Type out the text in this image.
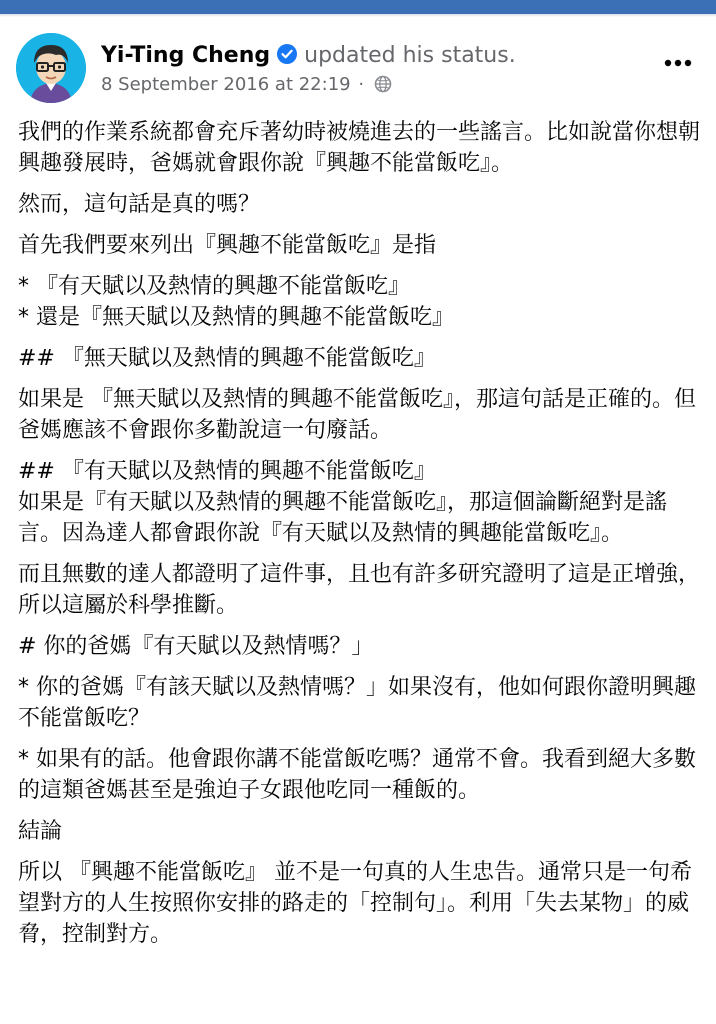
Yi-Ting Cheng updated his status.
8 September 2016 at 22:19 ·

我們的作業系統都會充斥著幼時被燒進去的一些謠言。比如說當你想朝興趣發展時，爸媽就會跟你說『興趣不能當飯吃』。

然而，這句話是真的嗎？

首先我們要來列出『興趣不能當飯吃』是指

* 『有天賦以及熱情的興趣不能當飯吃』
* 還是『無天賦以及熱情的興趣不能當飯吃』

## 『無天賦以及熱情的興趣不能當飯吃』

如果是 『無天賦以及熱情的興趣不能當飯吃』，那這句話是正確的。但爸媽應該不會跟你多勸說這一句廢話。

## 『有天賦以及熱情的興趣不能當飯吃』
如果是『有天賦以及熱情的興趣不能當飯吃』，那這個論斷絕對是謠言。因為達人都會跟你說『有天賦以及熱情的興趣能當飯吃』。

而且無數的達人都證明了這件事，且也有許多研究證明了這是正增強，所以這屬於科學推斷。

# 你的爸媽『有天賦以及熱情嗎？」

* 你的爸媽『有該天賦以及熱情嗎？」如果沒有，他如何跟你證明興趣不能當飯吃？

* 如果有的話。他會跟你講不能當飯吃嗎？通常不會。我看到絕大多數的這類爸媽甚至是強迫子女跟他吃同一種飯的。

結論

所以 『興趣不能當飯吃』 並不是一句真的人生忠告。通常只是一句希望對方的人生按照你安排的路走的「控制句」。利用「失去某物」的威脅，控制對方。
